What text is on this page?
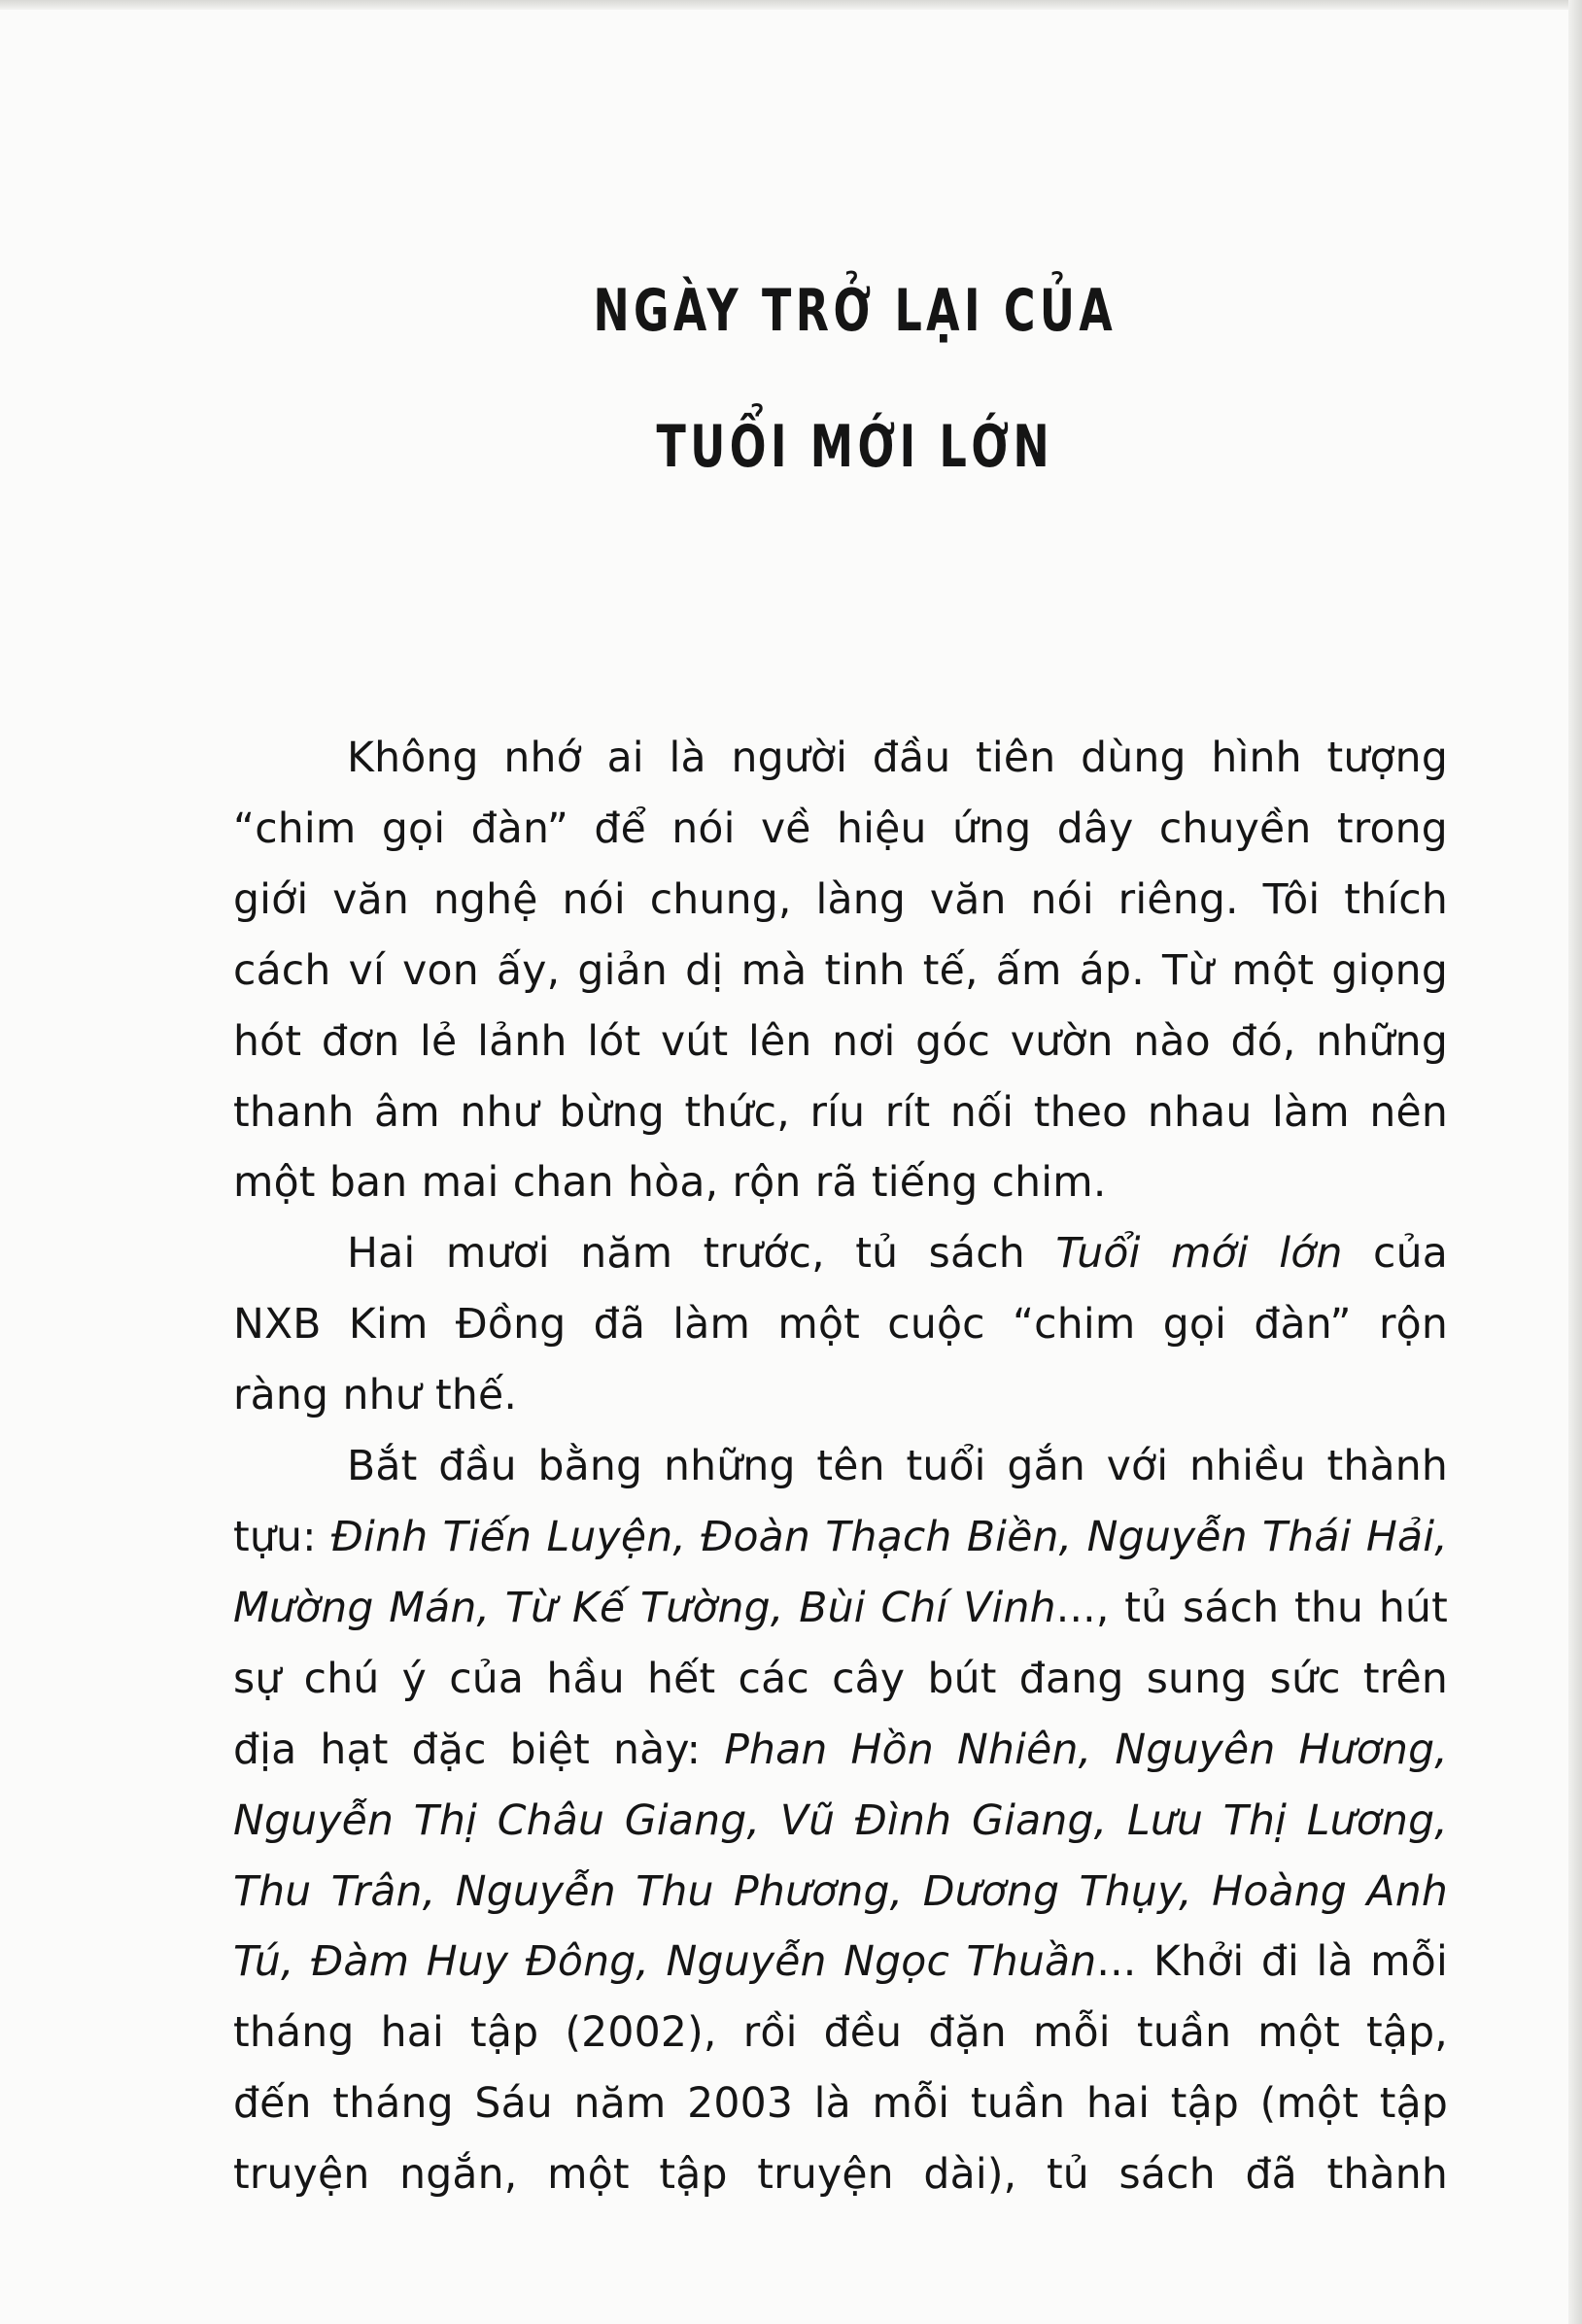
NGÀY TRỞ LẠI CỦA
TUỔI MỚI LỚN
Không nhớ ai là người đầu tiên dùng hình tượng
“chim gọi đàn” để nói về hiệu ứng dây chuyền trong
giới văn nghệ nói chung, làng văn nói riêng. Tôi thích
cách ví von ấy, giản dị mà tinh tế, ấm áp. Từ một giọng
hót đơn lẻ lảnh lót vút lên nơi góc vườn nào đó, những
thanh âm như bừng thức, ríu rít nối theo nhau làm nên
một ban mai chan hòa, rộn rã tiếng chim.
Hai mươi năm trước, tủ sách Tuổi mới lớn của
NXB Kim Đồng đã làm một cuộc “chim gọi đàn” rộn
ràng như thế.
Bắt đầu bằng những tên tuổi gắn với nhiều thành
tựu: Đinh Tiến Luyện, Đoàn Thạch Biền, Nguyễn Thái Hải,
Mường Mán, Từ Kế Tường, Bùi Chí Vinh..., tủ sách thu hút
sự chú ý của hầu hết các cây bút đang sung sức trên
địa hạt đặc biệt này: Phan Hồn Nhiên, Nguyên Hương,
Nguyễn Thị Châu Giang, Vũ Đình Giang, Lưu Thị Lương,
Thu Trân, Nguyễn Thu Phương, Dương Thụy, Hoàng Anh
Tú, Đàm Huy Đông, Nguyễn Ngọc Thuần... Khởi đi là mỗi
tháng hai tập (2002), rồi đều đặn mỗi tuần một tập,
đến tháng Sáu năm 2003 là mỗi tuần hai tập (một tập
truyện ngắn, một tập truyện dài), tủ sách đã thành
